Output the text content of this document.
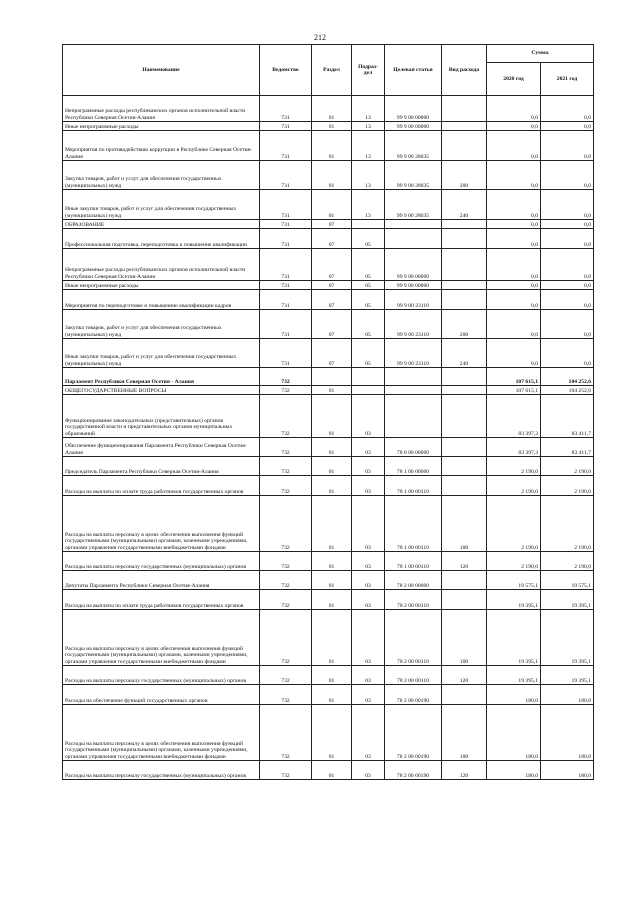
212
Наименование	Ведомство	Раздел	Подраз-дел	Целевая статья	Вид расхода	Сумма	
						2020 год	2021 год
Непрограммные расходы республиканских органов исполнительной власти Республики Северная Осетия-Алания	731	01	13	99 9 00 00000		0,0	0,0
Иные непрограммные расходы	731	01	13	99 9 00 00000		0,0	0,0
Мероприятия по противодействию коррупции в Республике Северная Осетия-Алания	731	01	13	99 9 00 28035		0,0	0,0
Закупка товаров, работ и услуг для обеспечения государственных (муниципальных) нужд	731	01	13	99 9 00 28035	200	0,0	0,0
Иные закупки товаров, работ и услуг для обеспечения государственных (муниципальных) нужд	731	01	13	99 9 00 28035	240	0,0	0,0
ОБРАЗОВАНИЕ	731	07				0,0	0,0
Профессиональная подготовка, переподготовка и повышение квалификации	731	07	05			0,0	0,0
Непрограммные расходы республиканских органов исполнительной власти Республики Северная Осетия-Алания	731	07	05	99 9 00 00000		0,0	0,0
Иные непрограммные расходы	731	07	05	99 9 00 00000		0,0	0,0
Мероприятия по переподготовке и повышению квалификации кадров	731	07	05	99 9 00 23110		0,0	0,0
Закупка товаров, работ и услуг для обеспечения государственных (муниципальных) нужд	731	07	05	99 9 00 23110	200	0,0	0,0
Иные закупки товаров, работ и услуг для обеспечения государственных (муниципальных) нужд	731	07	05	99 9 00 23110	240	0,0	0,0
Парламент Республики Северная Осетия - Алания	732					107 615,1	104 252,6
ОБЩЕГОСУДАРСТВЕННЫЕ ВОПРОСЫ	732	01				107 615,1	104 252,6
Функционирование законодательных (представительных) органов государственной власти и представительных органов муниципальных образований	732	01	03			83 397,3	83 411,7
Обеспечение функционирования Парламента Республики Северная Осетия-Алания	732	01	03	78 0 00 00000		83 397,3	83 411,7
Председатель Парламента Республики Северная Осетия-Алания	732	01	03	78 1 00 00000		2 190,0	2 190,0
Расходы на выплаты по оплате труда работников государственных органов	732	01	03	78 1 00 00110		2 190,0	2 190,0
Расходы на выплаты персоналу в целях обеспечения выполнения функций государственными (муниципальными) органами, казенными учреждениями, органами управления государственными внебюджетными фондами	732	01	03	78 1 00 00110	100	2 190,0	2 190,0
Расходы на выплаты персоналу государственных (муниципальных) органов	732	01	03	78 1 00 00110	120	2 190,0	2 190,0
Депутаты Парламента Республики Северная Осетия-Алания	732	01	03	78 2 00 00000		19 575,1	19 575,1
Расходы на выплаты по оплате труда работников государственных органов	732	01	03	78 2 00 00110		19 395,1	19 395,1
Расходы на выплаты персоналу в целях обеспечения выполнения функций государственными (муниципальными) органами, казенными учреждениями, органами управления государственными внебюджетными фондами	732	01	03	78 2 00 00110	100	19 395,1	19 395,1
Расходы на выплаты персоналу государственных (муниципальных) органов	732	01	03	78 2 00 00110	120	19 395,1	19 395,1
Расходы на обеспечение функций государственных органов	732	01	03	78 2 00 00190		180,0	180,0
Расходы на выплаты персоналу в целях обеспечения выполнения функций государственными (муниципальными) органами, казенными учреждениями, органами управления государственными внебюджетными фондами	732	01	03	78 2 00 00190	100	180,0	180,0
Расходы на выплаты персоналу государственных (муниципальных) органов	732	01	03	78 2 00 00190	120	180,0	180,0
